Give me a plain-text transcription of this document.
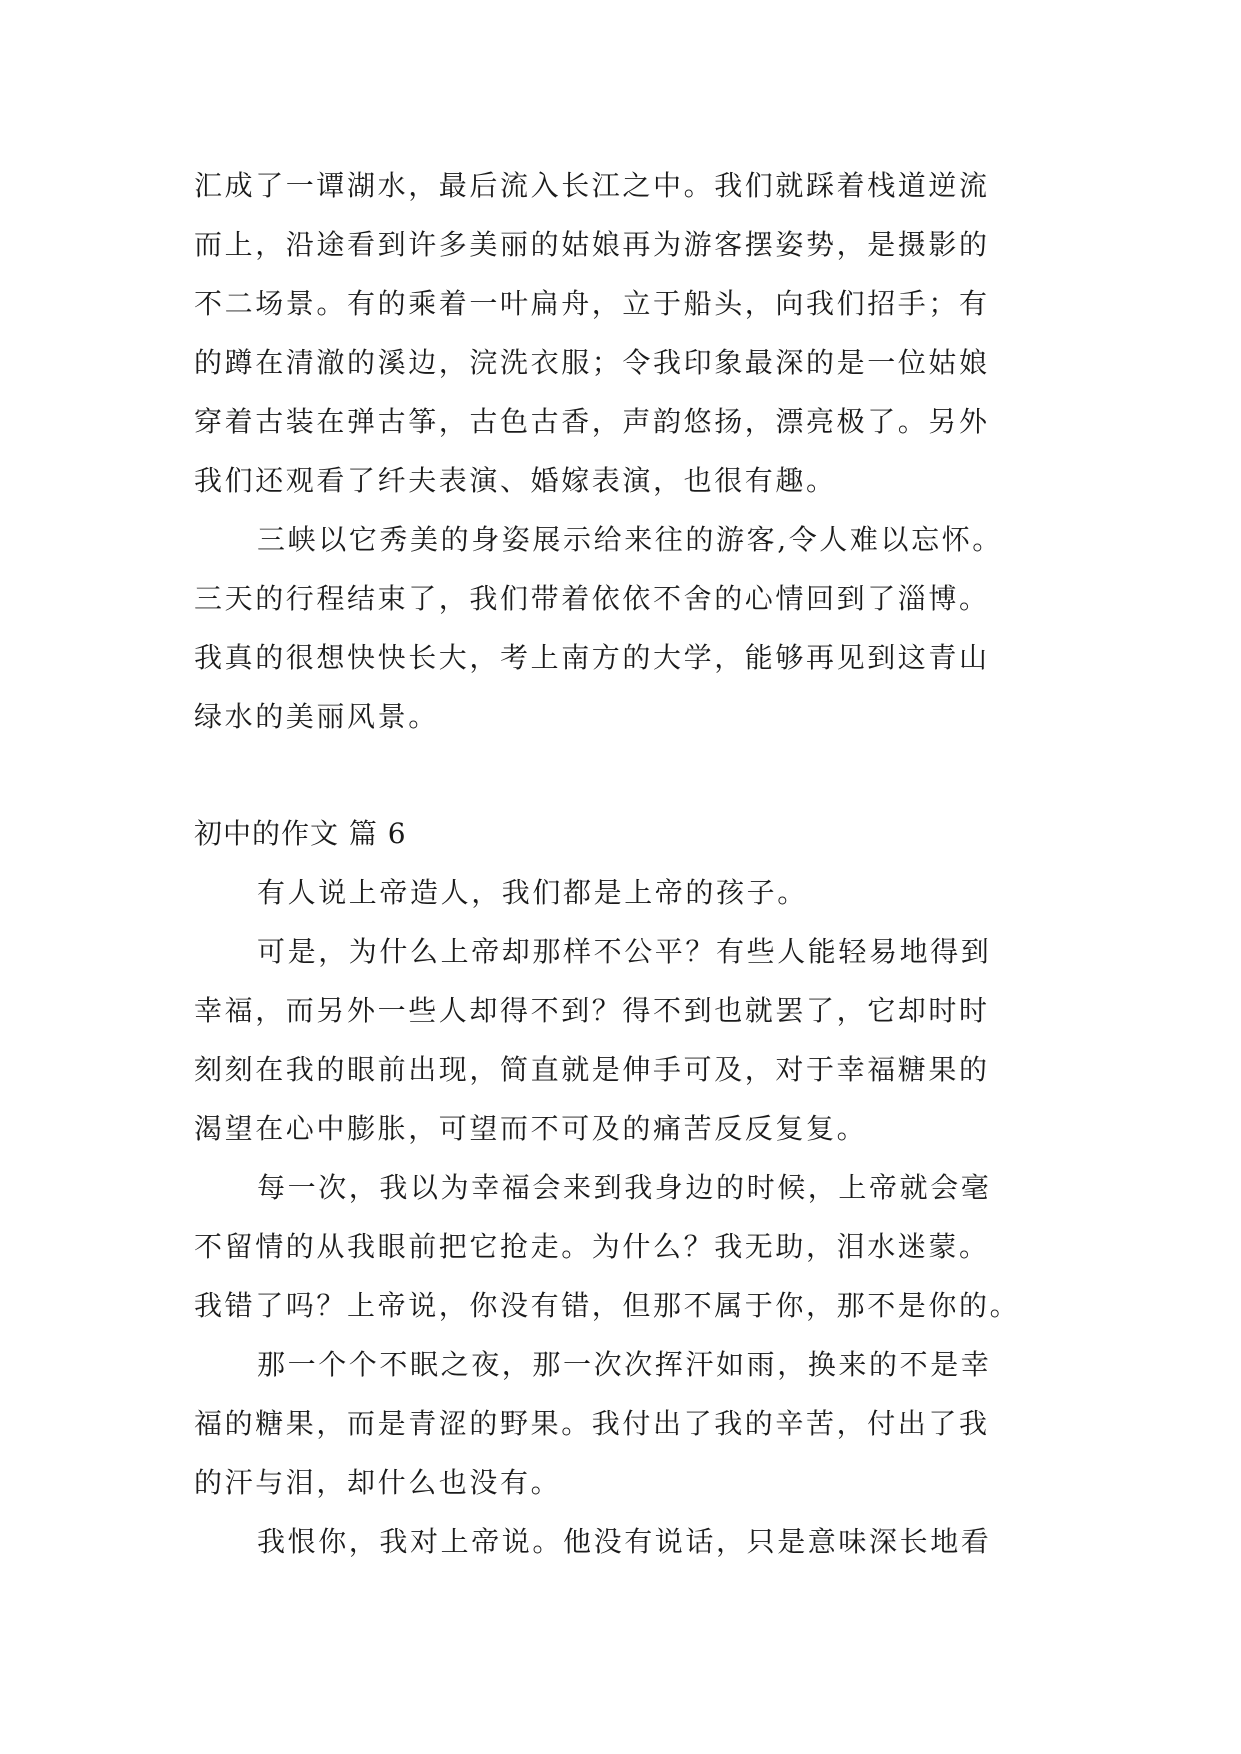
汇成了一谭湖水，最后流入长江之中。我们就踩着栈道逆流
而上，沿途看到许多美丽的姑娘再为游客摆姿势，是摄影的
不二场景。有的乘着一叶扁舟，立于船头，向我们招手；有
的蹲在清澈的溪边，浣洗衣服；令我印象最深的是一位姑娘
穿着古装在弹古筝，古色古香，声韵悠扬，漂亮极了。另外
我们还观看了纤夫表演、婚嫁表演，也很有趣。
三峡以它秀美的身姿展示给来往的游客,令人难以忘怀。
三天的行程结束了，我们带着依依不舍的心情回到了淄博。
我真的很想快快长大，考上南方的大学，能够再见到这青山
绿水的美丽风景。
初中的作文 篇 6
有人说上帝造人，我们都是上帝的孩子。
可是，为什么上帝却那样不公平？有些人能轻易地得到
幸福，而另外一些人却得不到？得不到也就罢了，它却时时
刻刻在我的眼前出现，简直就是伸手可及，对于幸福糖果的
渴望在心中膨胀，可望而不可及的痛苦反反复复。
每一次，我以为幸福会来到我身边的时候，上帝就会毫
不留情的从我眼前把它抢走。为什么？我无助，泪水迷蒙。
我错了吗？上帝说，你没有错，但那不属于你，那不是你的。
那一个个不眠之夜，那一次次挥汗如雨，换来的不是幸
福的糖果，而是青涩的野果。我付出了我的辛苦，付出了我
的汗与泪，却什么也没有。
我恨你，我对上帝说。他没有说话，只是意味深长地看
